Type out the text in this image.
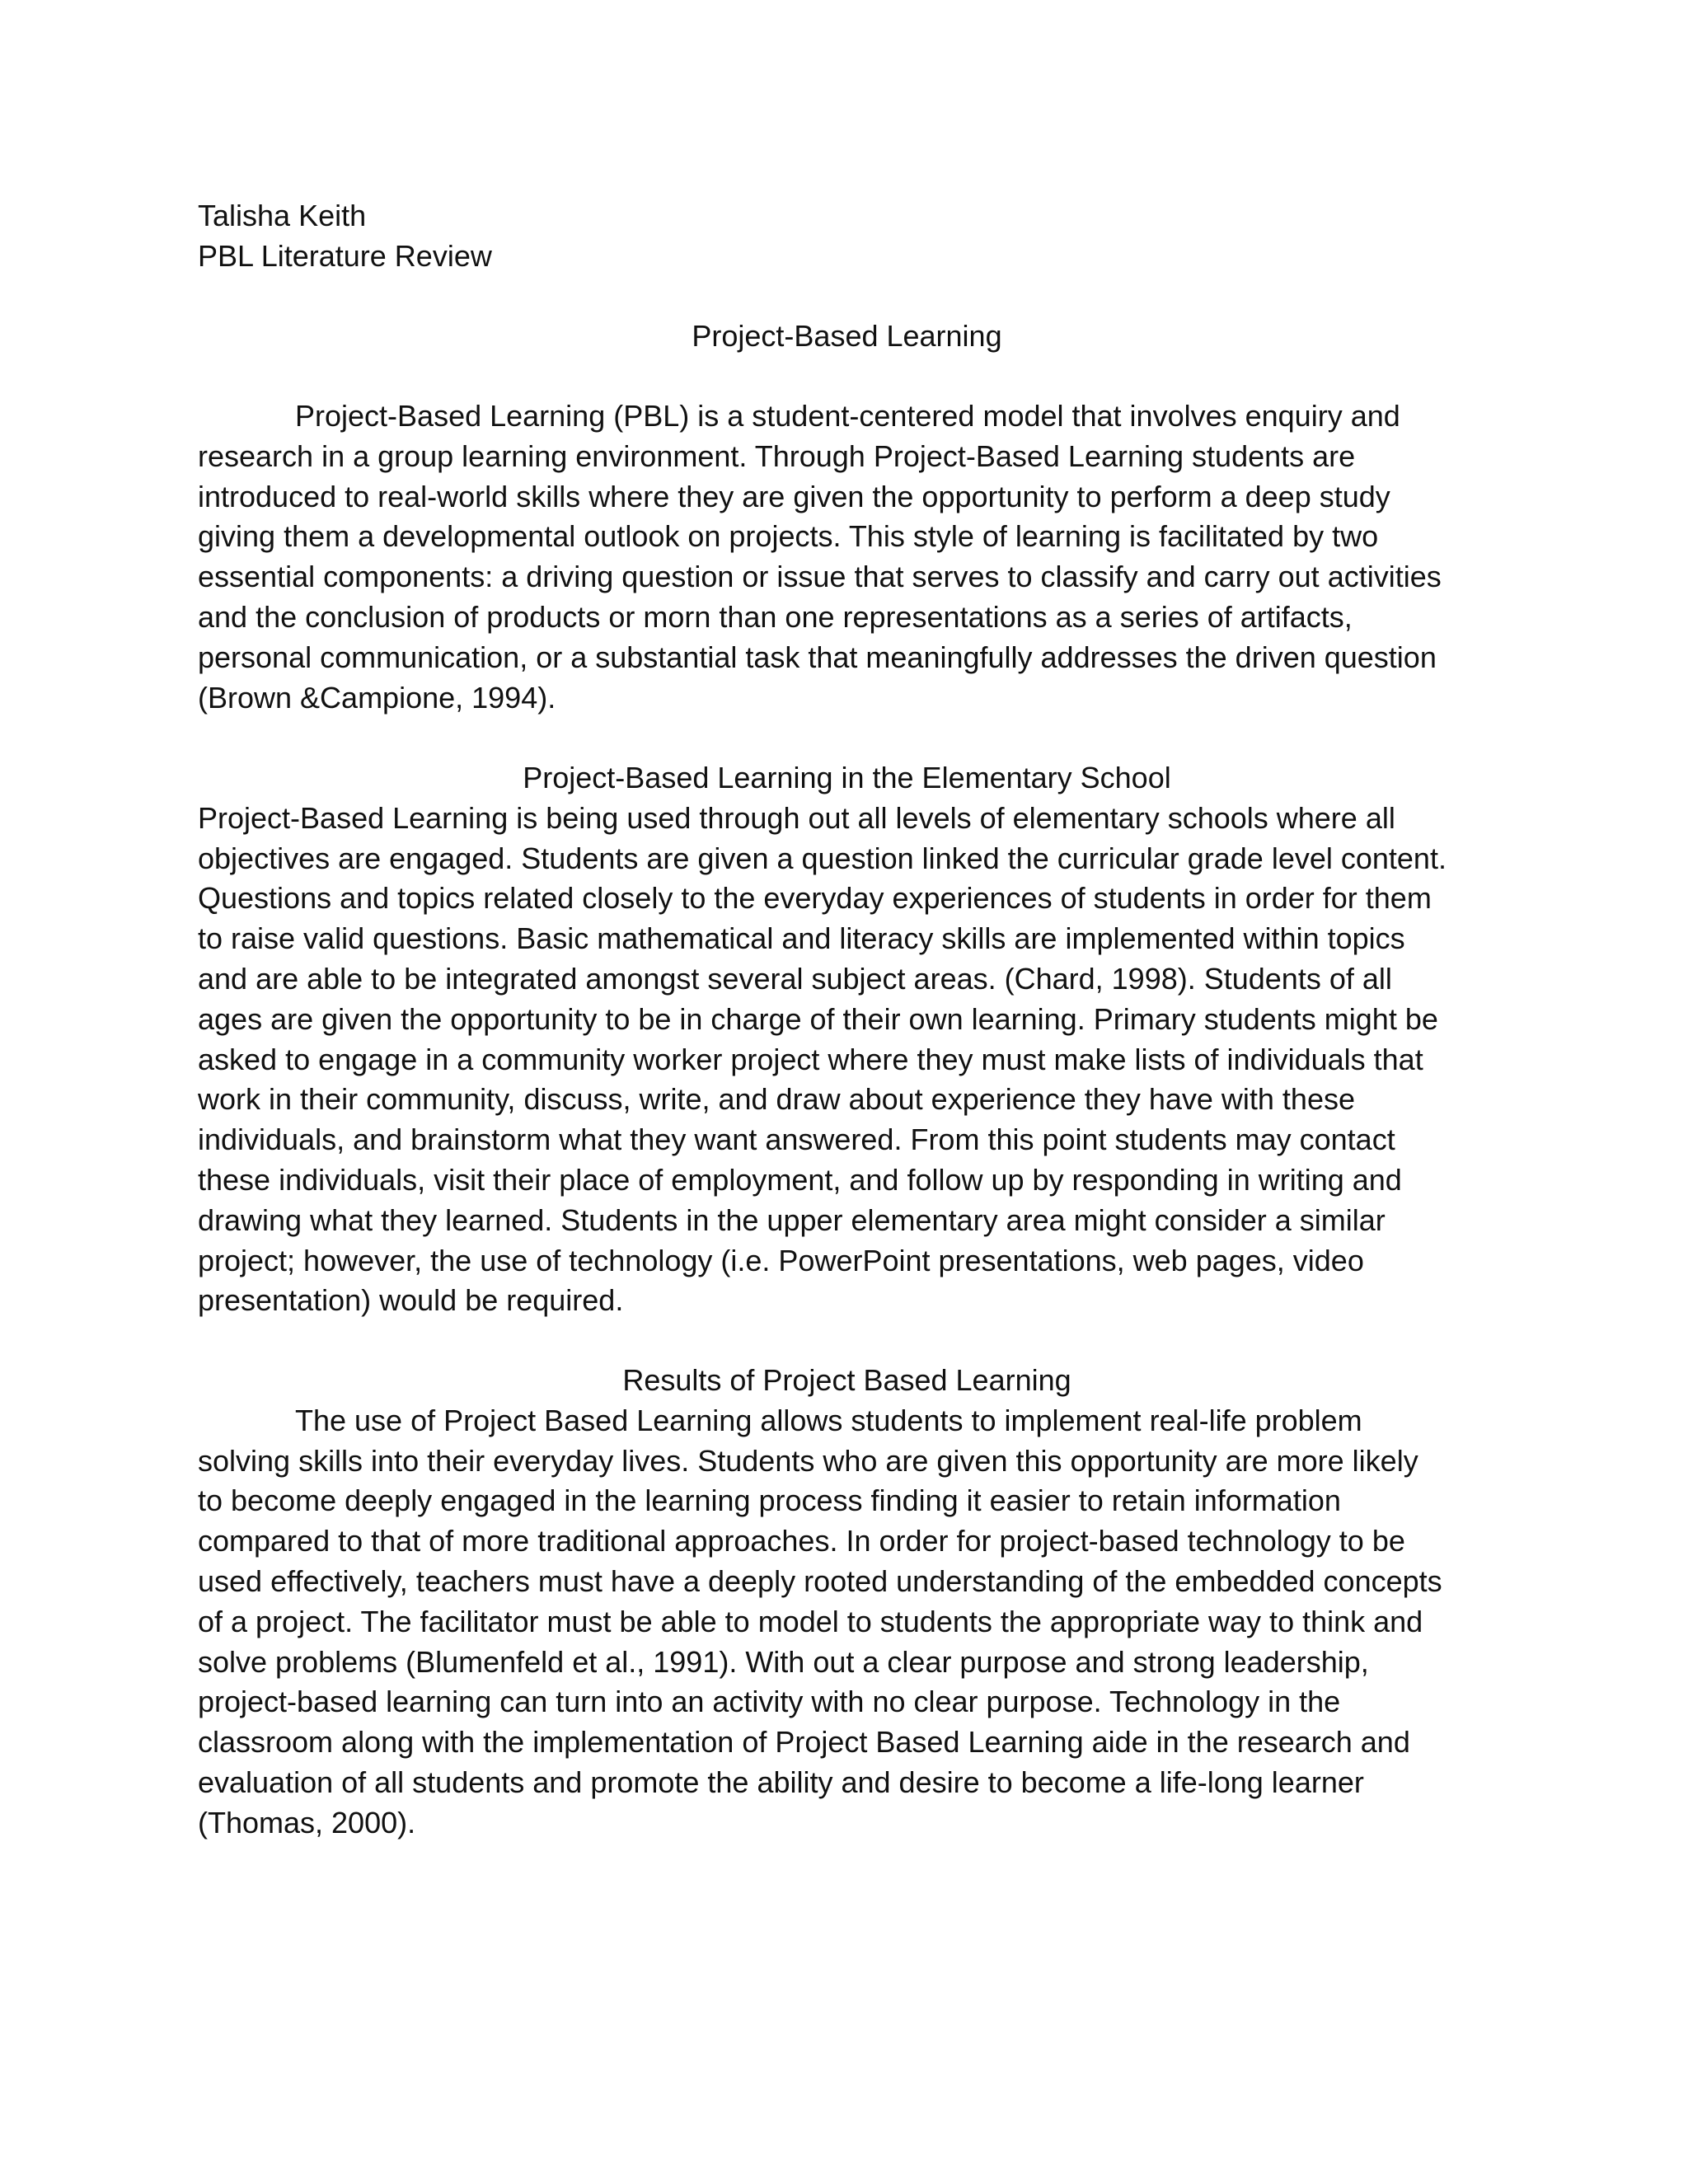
Talisha Keith
PBL Literature Review
Project-Based Learning
Project-Based Learning (PBL) is a student-centered model that involves enquiry and
research in a group learning environment. Through Project-Based Learning students are
introduced to real-world skills where they are given the opportunity to perform a deep study
giving them a developmental outlook on projects. This style of learning is facilitated by two
essential components: a driving question or issue that serves to classify and carry out activities
and the conclusion of products or morn than one representations as a series of artifacts,
personal communication, or a substantial task that meaningfully addresses the driven question
(Brown &Campione, 1994).
Project-Based Learning in the Elementary School
Project-Based Learning is being used through out all levels of elementary schools where all
objectives are engaged. Students are given a question linked the curricular grade level content.
Questions and topics related closely to the everyday experiences of students in order for them
to raise valid questions. Basic mathematical and literacy skills are implemented within topics
and are able to be integrated amongst several subject areas. (Chard, 1998). Students of all
ages are given the opportunity to be in charge of their own learning. Primary students might be
asked to engage in a community worker project where they must make lists of individuals that
work in their community, discuss, write, and draw about experience they have with these
individuals, and brainstorm what they want answered. From this point students may contact
these individuals, visit their place of employment, and follow up by responding in writing and
drawing what they learned. Students in the upper elementary area might consider a similar
project; however, the use of technology (i.e. PowerPoint presentations, web pages, video
presentation) would be required.
Results of Project Based Learning
The use of Project Based Learning allows students to implement real-life problem
solving skills into their everyday lives. Students who are given this opportunity are more likely
to become deeply engaged in the learning process finding it easier to retain information
compared to that of more traditional approaches. In order for project-based technology to be
used effectively, teachers must have a deeply rooted understanding of the embedded concepts
of a project. The facilitator must be able to model to students the appropriate way to think and
solve problems (Blumenfeld et al., 1991). With out a clear purpose and strong leadership,
project-based learning can turn into an activity with no clear purpose. Technology in the
classroom along with the implementation of Project Based Learning aide in the research and
evaluation of all students and promote the ability and desire to become a life-long learner
(Thomas, 2000).
